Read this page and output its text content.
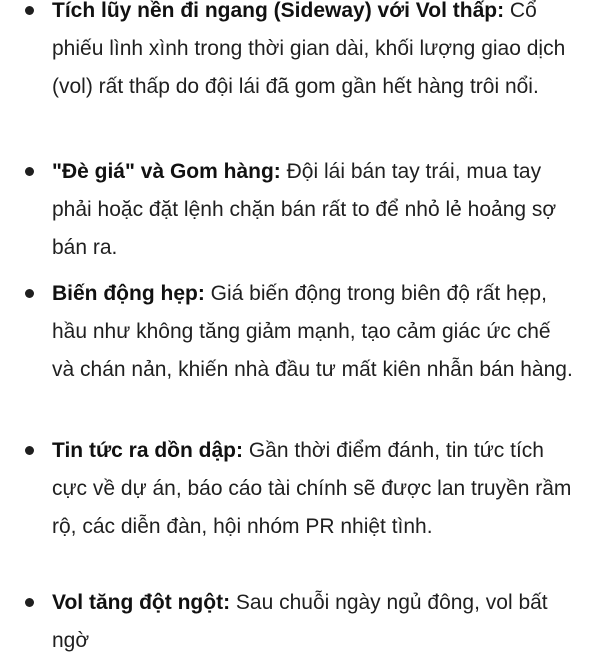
Tích lũy nền đi ngang (Sideway) với Vol thấp: Cổ phiếu lình xình trong thời gian dài, khối lượng giao dịch (vol) rất thấp do đội lái đã gom gần hết hàng trôi nổi.
"Đè giá" và Gom hàng: Đội lái bán tay trái, mua tay phải hoặc đặt lệnh chặn bán rất to để nhỏ lẻ hoảng sợ bán ra.
Biến động hẹp: Giá biến động trong biên độ rất hẹp, hầu như không tăng giảm mạnh, tạo cảm giác ức chế và chán nản, khiến nhà đầu tư mất kiên nhẫn bán hàng.
Tin tức ra dồn dập: Gần thời điểm đánh, tin tức tích cực về dự án, báo cáo tài chính sẽ được lan truyền rầm rộ, các diễn đàn, hội nhóm PR nhiệt tình.
Vol tăng đột ngột: Sau chuỗi ngày ngủ đông, vol bất ngờ
